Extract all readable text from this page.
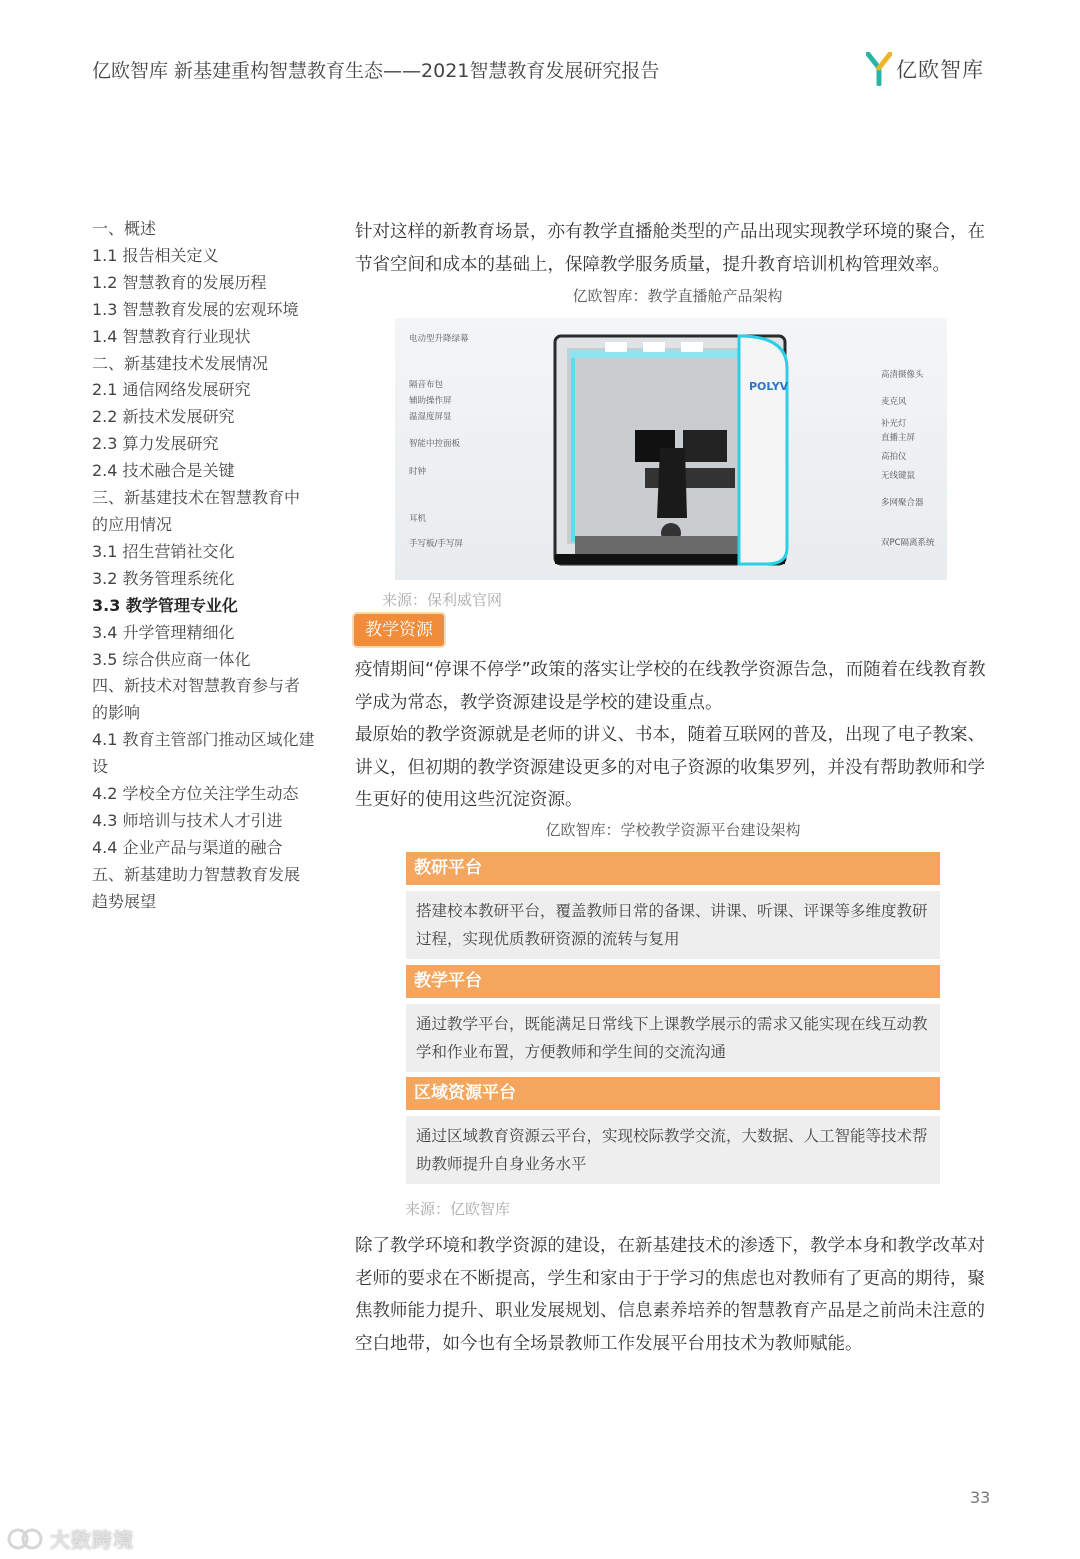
亿欧智库 新基建重构智慧教育生态——2021智慧教育发展研究报告	亿欧智库
一、概述
1.1 报告相关定义
1.2 智慧教育的发展历程
1.3 智慧教育发展的宏观环境
1.4 智慧教育行业现状
二、新基建技术发展情况
2.1 通信网络发展研究
2.2 新技术发展研究
2.3 算力发展研究
2.4 技术融合是关键
三、新基建技术在智慧教育中
的应用情况
3.1 招生营销社交化
3.2 教务管理系统化
3.3 教学管理专业化
3.4 升学管理精细化
3.5 综合供应商一体化
四、新技术对智慧教育参与者
的影响
4.1 教育主管部门推动区域化建
设
4.2 学校全方位关注学生动态
4.3 师培训与技术人才引进
4.4 企业产品与渠道的融合
五、新基建助力智慧教育发展
趋势展望

针对这样的新教育场景，亦有教学直播舱类型的产品出现实现教学环境的聚合，在节省空间和成本的基础上，保障教学服务质量，提升教育培训机构管理效率。

亿欧智库：教学直播舱产品架构
POLYV
电动型升降绿幕
隔音布包
辅助操作屏
温湿度屏显
智能中控面板
时钟
耳机
手写板/手写屏
高清摄像头
麦克风
补光灯
直播主屏
高拍仪
无线键鼠
多网聚合器
双PC隔离系统
来源：保利威官网
教学资源

疫情期间“停课不停学”政策的落实让学校的在线教学资源告急，而随着在线教育教学成为常态，教学资源建设是学校的建设重点。

最原始的教学资源就是老师的讲义、书本，随着互联网的普及，出现了电子教案、讲义，但初期的教学资源建设更多的对电子资源的收集罗列，并没有帮助教师和学生更好的使用这些沉淀资源。

亿欧智库：学校教学资源平台建设架构
教研平台
搭建校本教研平台，覆盖教师日常的备课、讲课、听课、评课等多维度教研过程，实现优质教研资源的流转与复用
教学平台
通过教学平台，既能满足日常线下上课教学展示的需求又能实现在线互动教学和作业布置，方便教师和学生间的交流沟通
区域资源平台
通过区域教育资源云平台，实现校际教学交流，大数据、人工智能等技术帮助教师提升自身业务水平
来源：亿欧智库

除了教学环境和教学资源的建设，在新基建技术的渗透下，教学本身和教学改革对老师的要求在不断提高，学生和家由于于学习的焦虑也对教师有了更高的期待，聚焦教师能力提升、职业发展规划、信息素养培养的智慧教育产品是之前尚未注意的空白地带，如今也有全场景教师工作发展平台用技术为教师赋能。

33
大数跨境
